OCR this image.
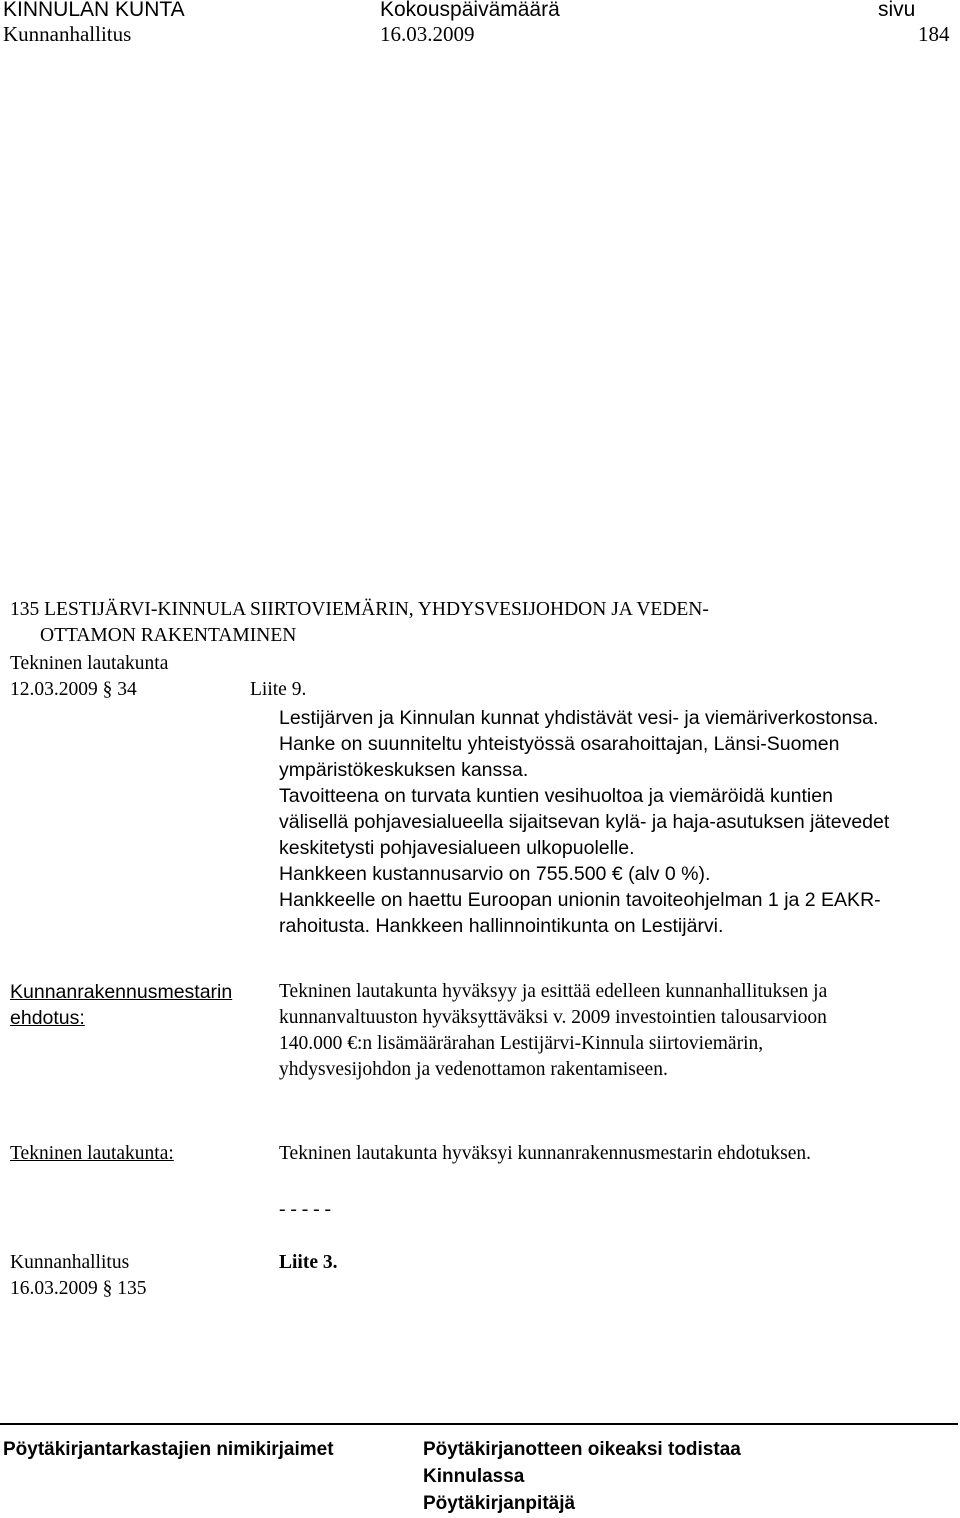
KINNULAN KUNTA	Kokouspäivämäärä	sivu
Kunnanhallitus	16.03.2009	184
135 LESTIJÄRVI-KINNULA SIIRTOVIEMÄRIN, YHDYSVESIJOHDON JA VEDEN-
OTTAMON RAKENTAMINEN
Tekninen lautakunta
12.03.2009 § 34	Liite 9.
Lestijärven ja Kinnulan kunnat yhdistävät vesi- ja viemäriverkostonsa.
Hanke on suunniteltu yhteistyössä osarahoittajan, Länsi-Suomen
ympäristökeskuksen kanssa.
Tavoitteena on turvata kuntien vesihuoltoa ja viemäröidä kuntien
välisellä pohjavesialueella sijaitsevan kylä- ja haja-asutuksen jätevedet
keskitetysti pohjavesialueen ulkopuolelle.
Hankkeen kustannusarvio on 755.500 € (alv 0 %).
Hankkeelle on haettu Euroopan unionin tavoiteohjelman 1 ja 2 EAKR-
rahoitusta. Hankkeen hallinnointikunta on Lestijärvi.
Kunnanrakennusmestarin
ehdotus:
Tekninen lautakunta hyväksyy ja esittää edelleen kunnanhallituksen ja
kunnanvaltuuston hyväksyttäväksi v. 2009 investointien talousarvioon
140.000 €:n lisämäärärahan Lestijärvi-Kinnula siirtoviemärin,
yhdysvesijohdon ja vedenottamon rakentamiseen.
Tekninen lautakunta:	Tekninen lautakunta hyväksyi kunnanrakennusmestarin ehdotuksen.
- - - - -
Kunnanhallitus	Liite 3.
16.03.2009 § 135
Pöytäkirjantarkastajien nimikirjaimet	Pöytäkirjanotteen oikeaksi todistaa
Kinnulassa
Pöytäkirjanpitäjä
